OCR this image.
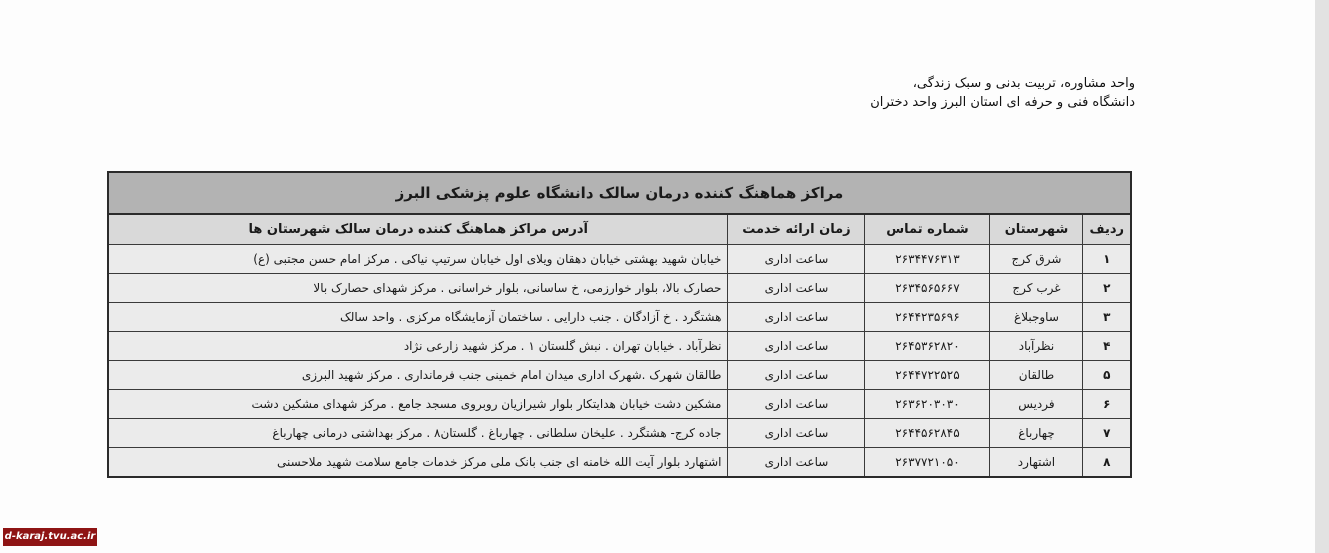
واحد مشاوره، تربیت بدنی و سبک زندگی،
دانشگاه فنی و حرفه ای استان البرز واحد دختران
مراکز هماهنگ کننده درمان سالک دانشگاه علوم پزشکی البرز				
ردیف	شهرستان	شماره تماس	زمان ارائه خدمت	آدرس مراکز هماهنگ کننده درمان سالک شهرستان ها
۱	شرق کرج	۲۶۳۴۴۷۶۳۱۳	ساعت اداری	خیابان شهید بهشتی خیابان دهقان ویلای اول خیابان سرتیپ نیاکی . مرکز امام حسن مجتبی (ع)
۲	غرب کرج	۲۶۳۴۵۶۵۶۶۷	ساعت اداری	حصارک بالا، بلوار خوارزمی، خ ساسانی، بلوار خراسانی . مرکز شهدای حصارک بالا
۳	ساوجبلاغ	۲۶۴۴۲۳۵۶۹۶	ساعت اداری	هشتگرد . خ آزادگان . جنب دارایی . ساختمان آزمایشگاه مرکزی . واحد سالک
۴	نظرآباد	۲۶۴۵۳۶۲۸۲۰	ساعت اداری	نظرآباد . خیابان تهران . نبش گلستان ۱ . مرکز شهید زارعی نژاد
۵	طالقان	۲۶۴۴۷۲۲۵۲۵	ساعت اداری	طالقان شهرک .شهرک اداری میدان امام خمینی جنب فرمانداری . مرکز شهید البرزی
۶	فردیس	۲۶۳۶۲۰۳۰۳۰	ساعت اداری	مشکین دشت خیابان هدایتکار بلوار شیرازیان روبروی مسجد جامع . مرکز شهدای مشکین دشت
۷	چهارباغ	۲۶۴۴۵۶۲۸۴۵	ساعت اداری	جاده کرج- هشتگرد . علیخان سلطانی . چهارباغ . گلستان۸ . مرکز بهداشتی درمانی چهارباغ
۸	اشتهارد	۲۶۳۷۷۲۱۰۵۰	ساعت اداری	اشتهارد بلوار آیت الله خامنه ای جنب بانک ملی مرکز خدمات جامع سلامت شهید ملاحسنی
d-karaj.tvu.ac.ir
